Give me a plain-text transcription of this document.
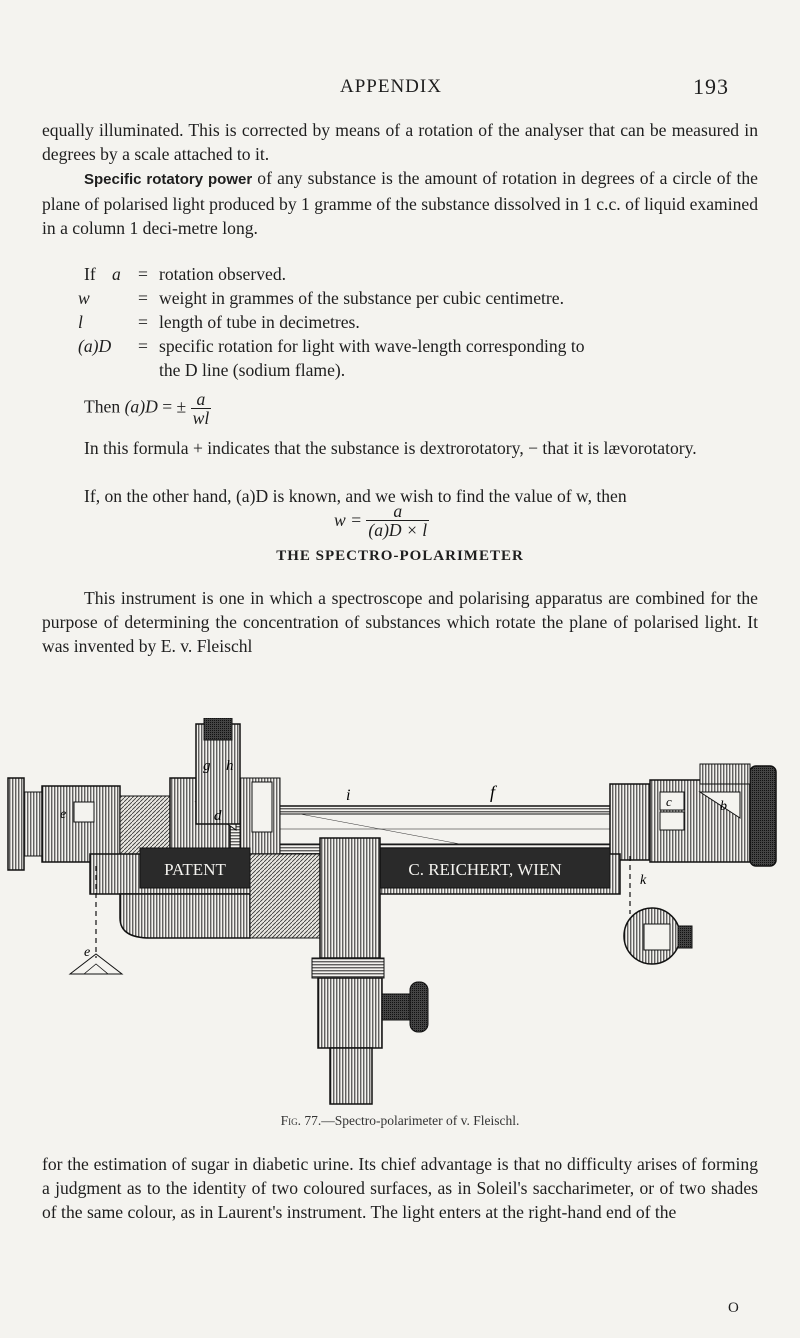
APPENDIX	193

equally illuminated. This is corrected by means of a rotation of the analyser that can be measured in degrees by a scale attached to it.

Specific rotatory power of any substance is the amount of rotation in degrees of a circle of the plane of polarised light produced by 1 gramme of the substance dissolved in 1 c.c. of liquid examined in a column 1 deci-metre long.

If a = rotation observed.
w	= weight in grammes of the substance per cubic centimetre.
l	= length of tube in decimetres.
(a)D	= specific rotation for light with wave-length corresponding to
the D line (sodium flame).
Then (a)D = ± $\frac{a}{wl}$

In this formula + indicates that the substance is dextrorotatory, − that it is lævorotatory.

If, on the other hand, (a)D is known, and we wish to find the value of w, then

$w = \frac{a}{(a)D \times l}$
THE SPECTRO-POLARIMETER

This instrument is one in which a spectroscope and polarising apparatus are combined for the purpose of determining the concentration of substances which rotate the plane of polarised light. It was invented by E. v. Fleischl

PATENT	C. REICHERT, WIEN
g h
e	d
i	f	c	b
k
e
Fig. 77.—Spectro-polarimeter of v. Fleischl.

for the estimation of sugar in diabetic urine. Its chief advantage is that no difficulty arises of forming a judgment as to the identity of two coloured surfaces, as in Soleil's saccharimeter, or of two shades of the same colour, as in Laurent's instrument. The light enters at the right-hand end of the

O
